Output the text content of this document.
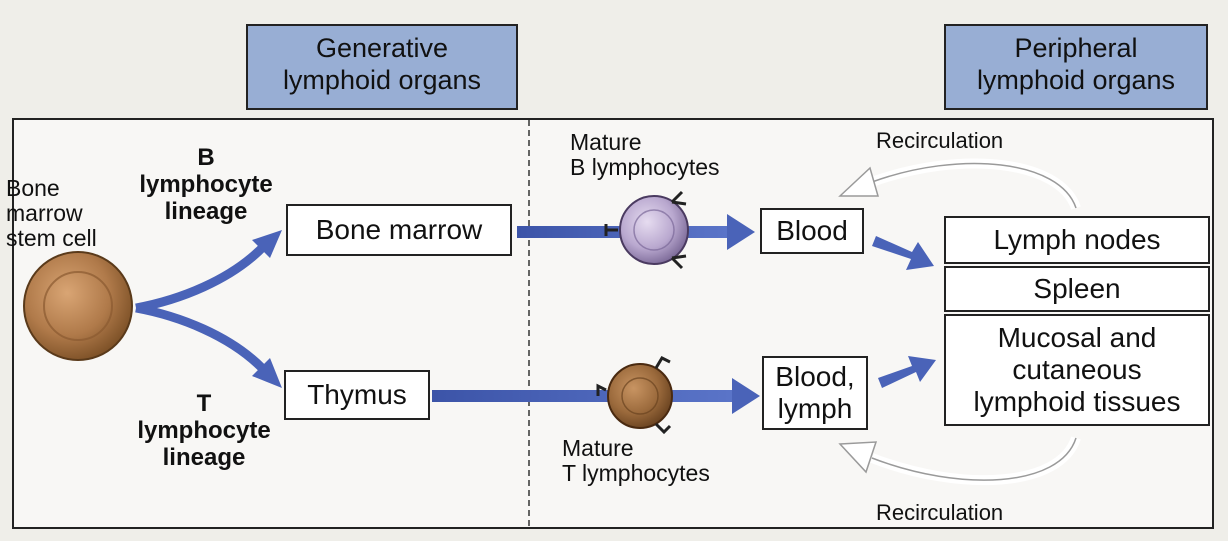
Generative
lymphoid organs
Peripheral
lymphoid organs
Bone
marrow
stem cell
B
lymphocyte
lineage
T
lymphocyte
lineage
Mature
B lymphocytes
Mature
T lymphocytes
Recirculation
Recirculation
Bone marrow
Thymus
Blood
Blood,
lymph
Lymph nodes
Spleen
Mucosal and
cutaneous
lymphoid tissues
